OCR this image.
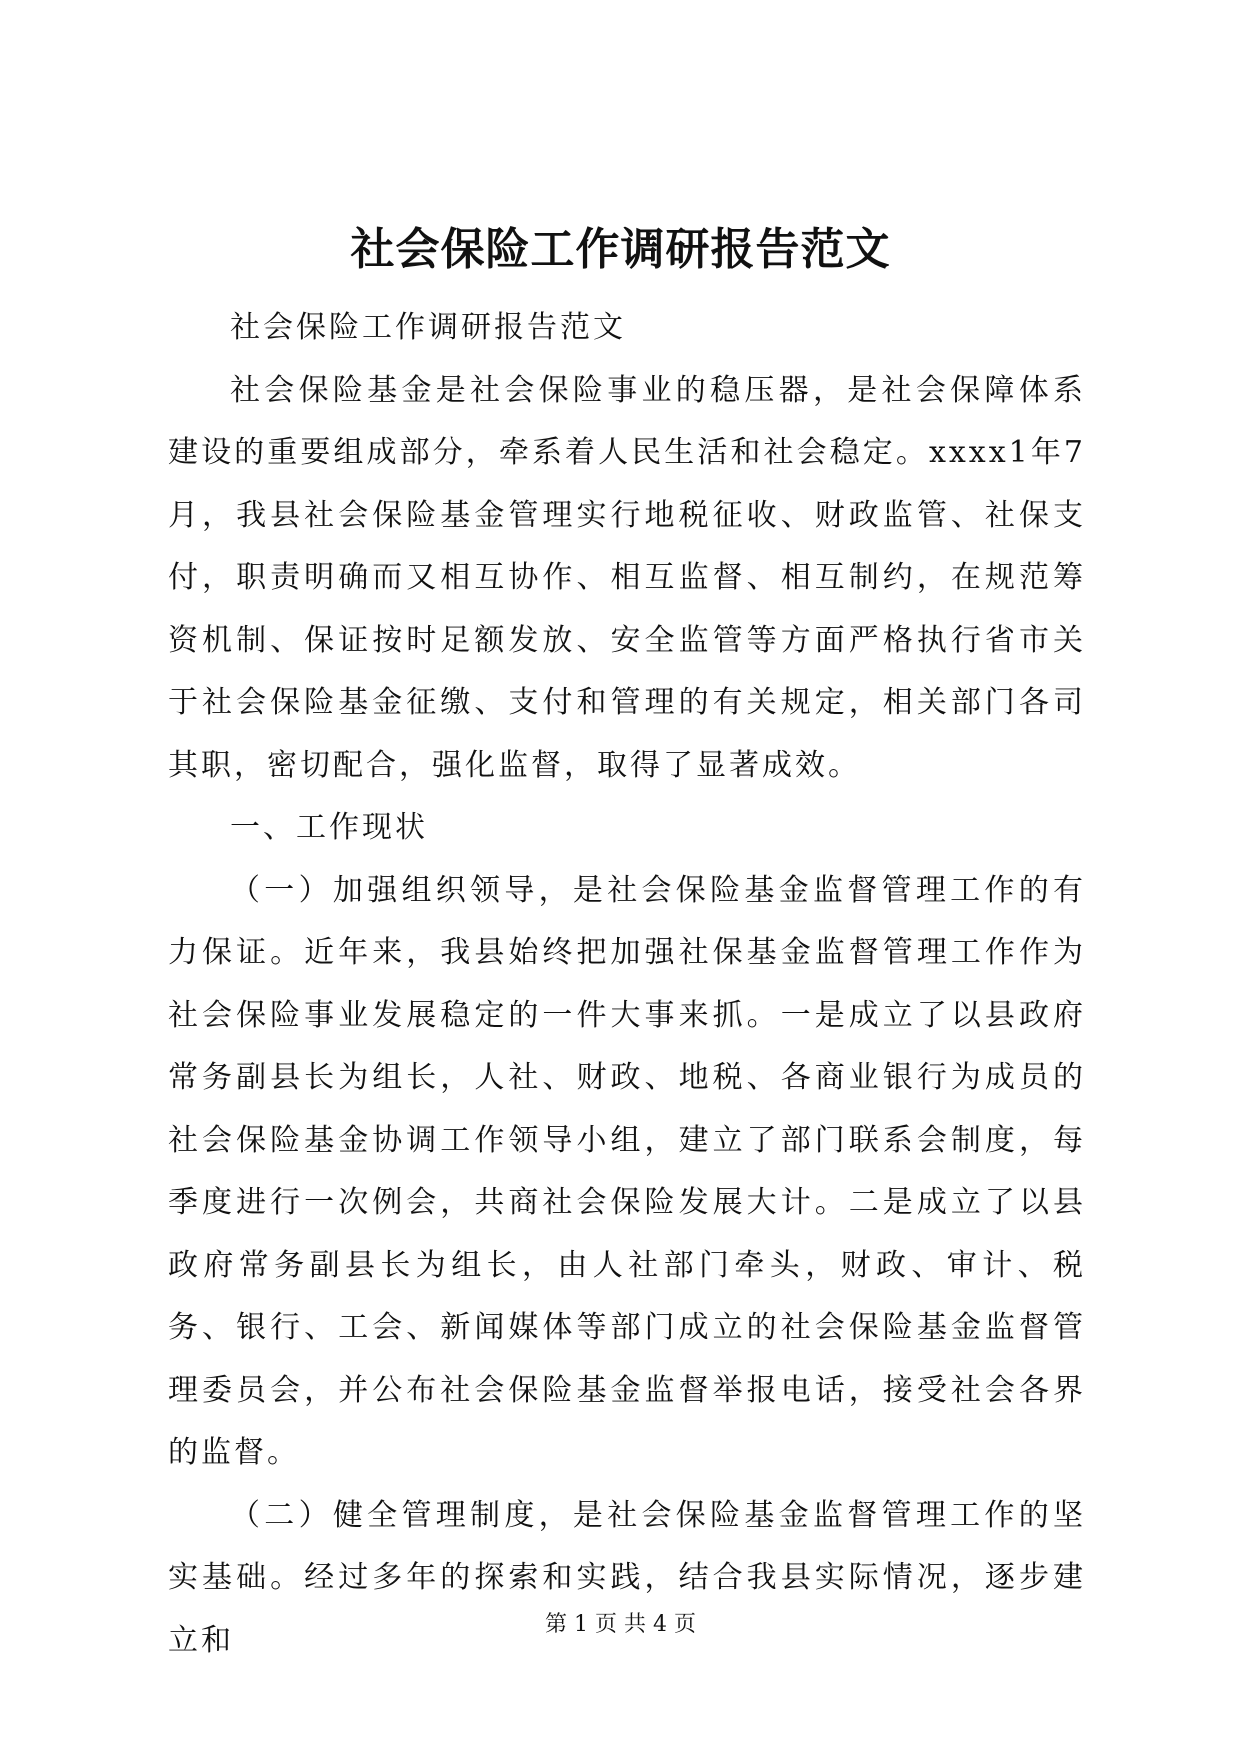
社会保险工作调研报告范文

社会保险工作调研报告范文

社会保险基金是社会保险事业的稳压器，是社会保障体系建设的重要组成部分，牵系着人民生活和社会稳定。xxxx1年7月，我县社会保险基金管理实行地税征收、财政监管、社保支付，职责明确而又相互协作、相互监督、相互制约，在规范筹资机制、保证按时足额发放、安全监管等方面严格执行省市关于社会保险基金征缴、支付和管理的有关规定，相关部门各司其职，密切配合，强化监督，取得了显著成效。

一、工作现状

（一）加强组织领导，是社会保险基金监督管理工作的有力保证。近年来，我县始终把加强社保基金监督管理工作作为社会保险事业发展稳定的一件大事来抓。一是成立了以县政府常务副县长为组长，人社、财政、地税、各商业银行为成员的社会保险基金协调工作领导小组，建立了部门联系会制度，每季度进行一次例会，共商社会保险发展大计。二是成立了以县政府常务副县长为组长，由人社部门牵头，财政、审计、税务、银行、工会、新闻媒体等部门成立的社会保险基金监督管理委员会，并公布社会保险基金监督举报电话，接受社会各界的监督。

（二）健全管理制度，是社会保险基金监督管理工作的坚实基础。经过多年的探索和实践，结合我县实际情况，逐步建立和	第 1 页 共 4 页
